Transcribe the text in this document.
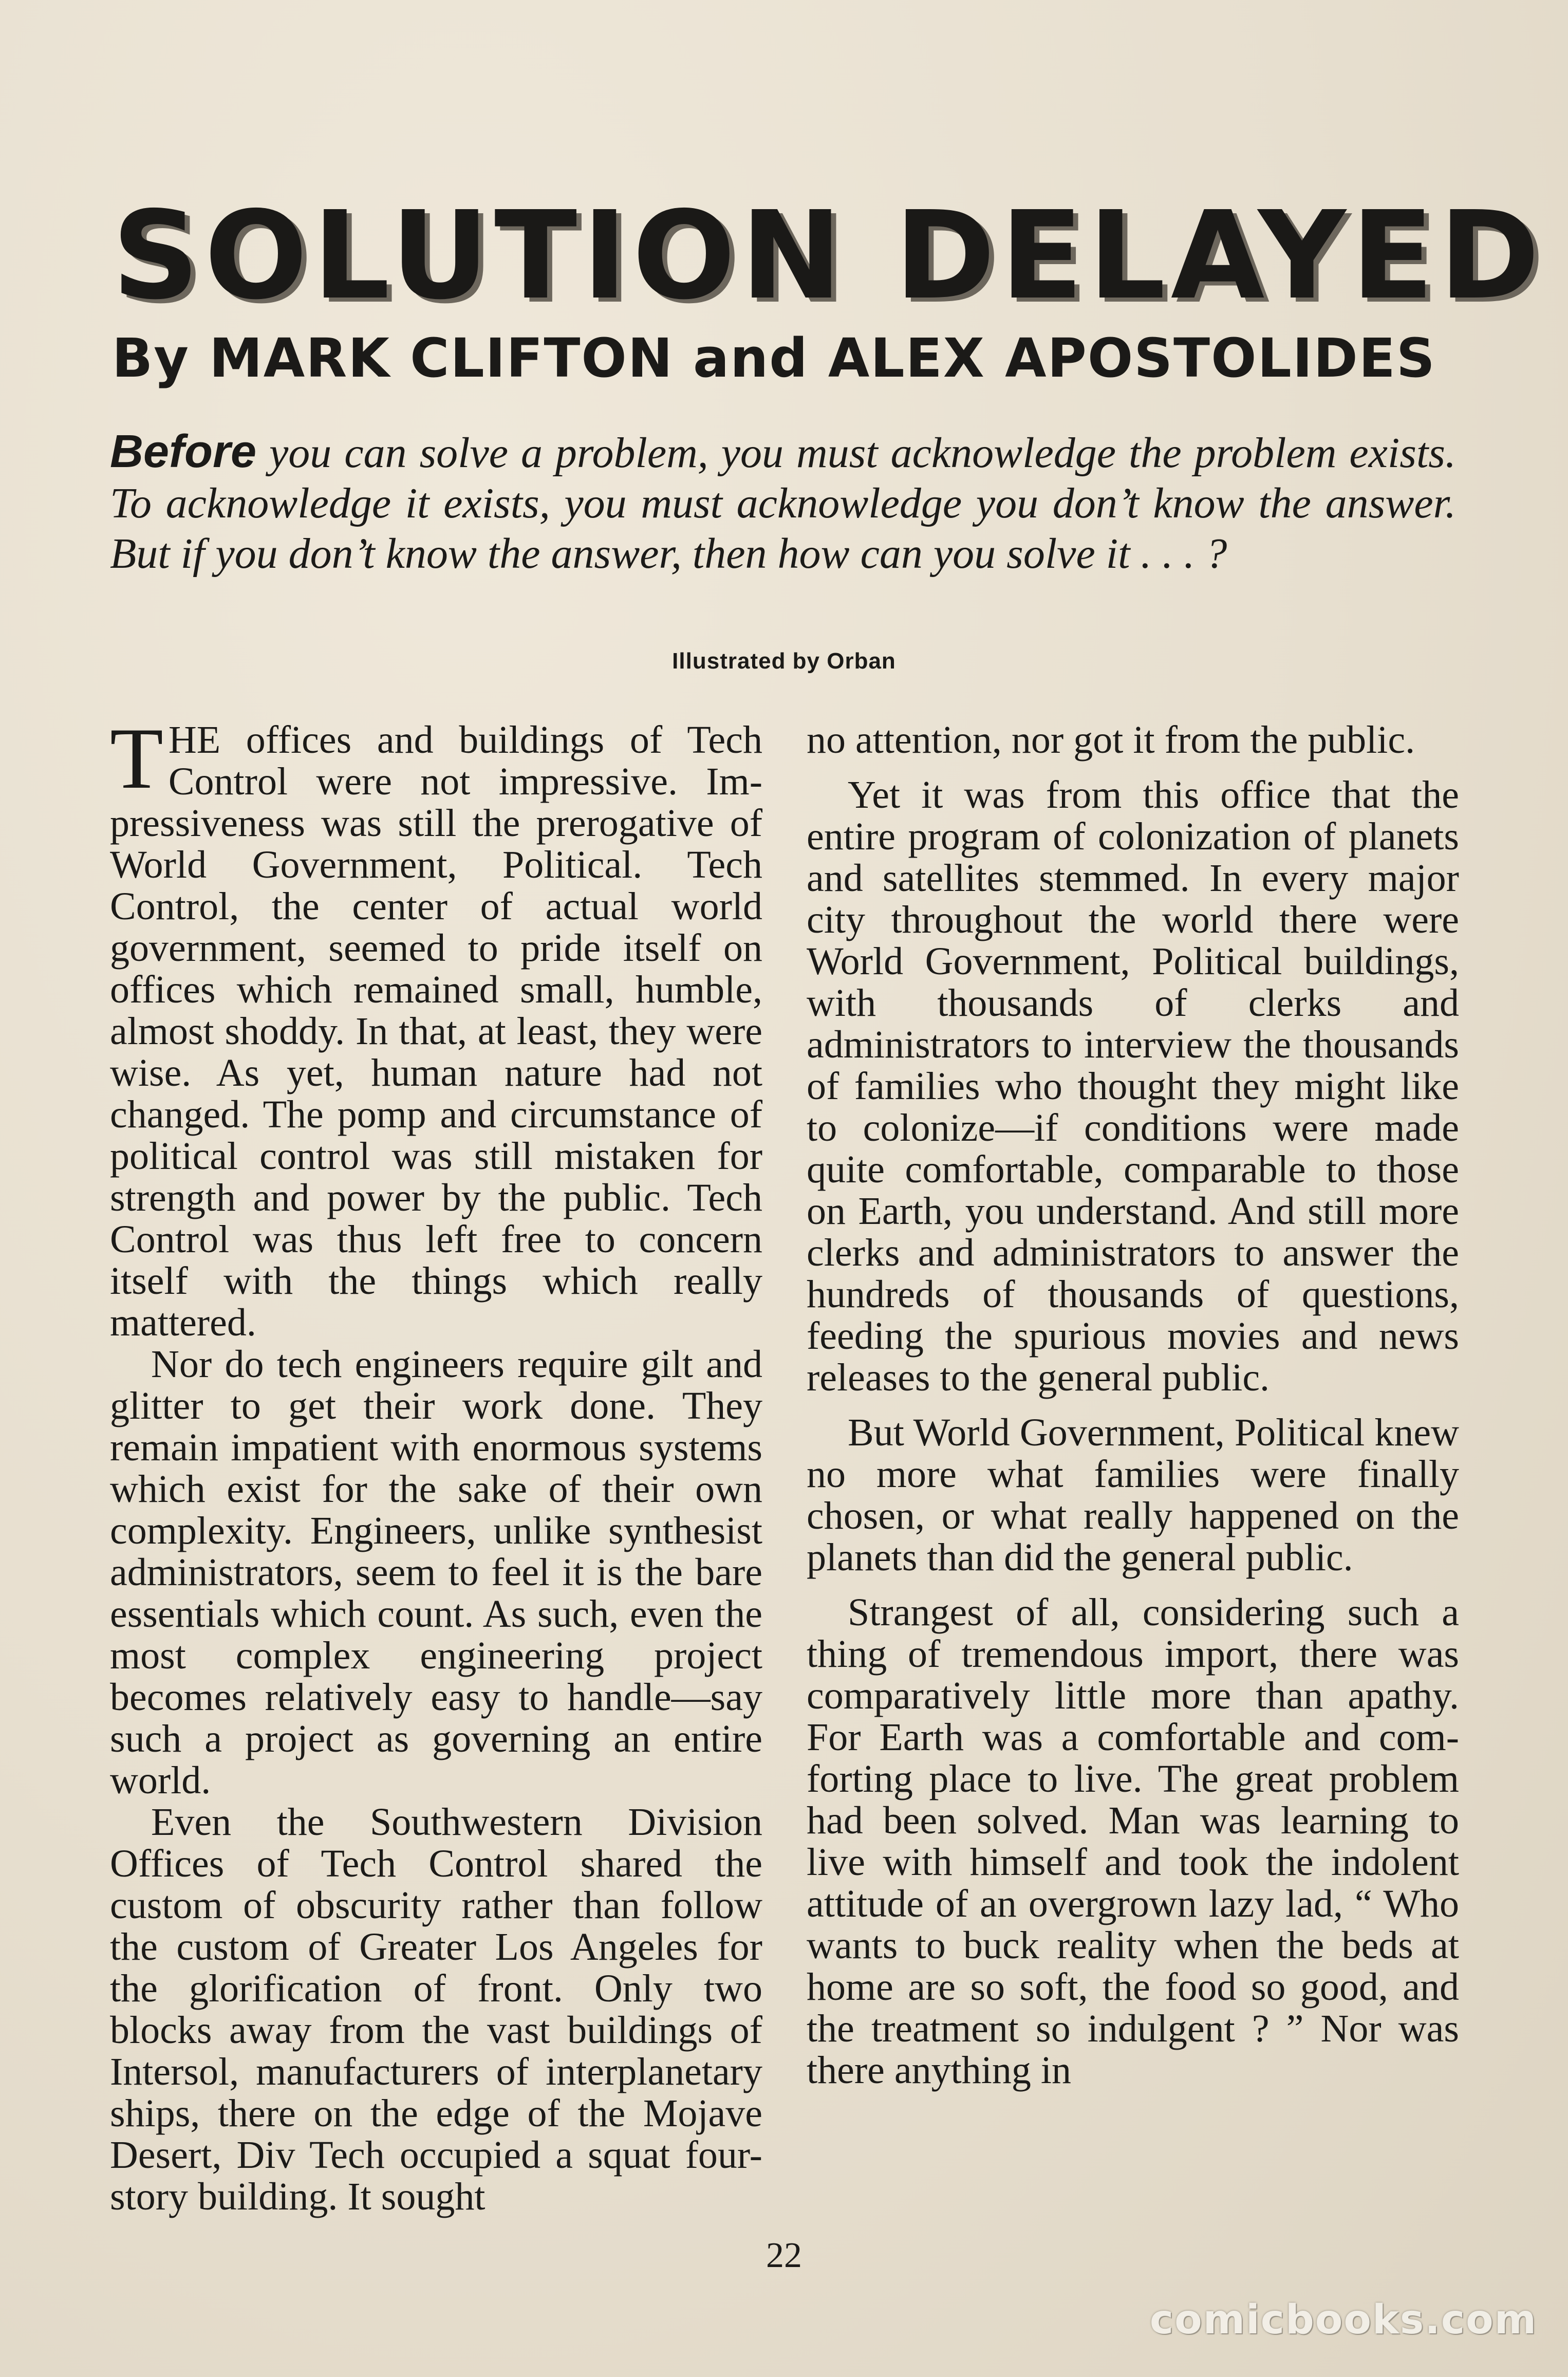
SOLUTION DELAYED
By MARK CLIFTON and ALEX APOSTOLIDES

Before you can solve a problem, you must acknowledge the problem exists. To acknowledge it exists, you must acknowledge you don’t know the answer. But if you don’t know the answer, then how can you solve it . . . ?

Illustrated by Orban

THE offices and buildings of Tech Control were not impressive. Impressiveness was still the prerogative of World Government, Political. Tech Control, the center of actual world government, seemed to pride itself on offices which remained small, humble, almost shoddy. In that, at least, they were wise. As yet, human nature had not changed. The pomp and circumstance of political control was still mistaken for strength and power by the public. Tech Control was thus left free to concern itself with the things which really mattered.

Nor do tech engineers require gilt and glitter to get their work done. They remain impatient with enormous systems which exist for the sake of their own complexity. Engineers, unlike synthesist administrators, seem to feel it is the bare essentials which count. As such, even the most complex engineering project becomes relatively easy to handle—say such a project as governing an entire world.

Even the Southwestern Division Offices of Tech Control shared the custom of obscurity rather than follow the custom of Greater Los Angeles for the glorification of front. Only two blocks away from the vast buildings of Intersol, manufacturers of interplanetary ships, there on the edge of the Mojave Desert, Div Tech occupied a squat four-story building. It sought

no attention, nor got it from the public.

Yet it was from this office that the entire program of colonization of planets and satellites stemmed. In every major city throughout the world there were World Government, Political buildings, with thousands of clerks and administrators to interview the thousands of families who thought they might like to colonize—if conditions were made quite comfortable, comparable to those on Earth, you understand. And still more clerks and administrators to answer the hundreds of thousands of questions, feeding the spurious movies and news releases to the general public.

But World Government, Political knew no more what families were finally chosen, or what really happened on the planets than did the general public.

Strangest of all, considering such a thing of tremendous import, there was comparatively little more than apathy. For Earth was a comfortable and comforting place to live. The great problem had been solved. Man was learning to live with himself and took the indolent attitude of an overgrown lazy lad, “ Who wants to buck reality when the beds at home are so soft, the food so good, and the treatment so indulgent ? ” Nor was there anything in

22
comicbooks.com
